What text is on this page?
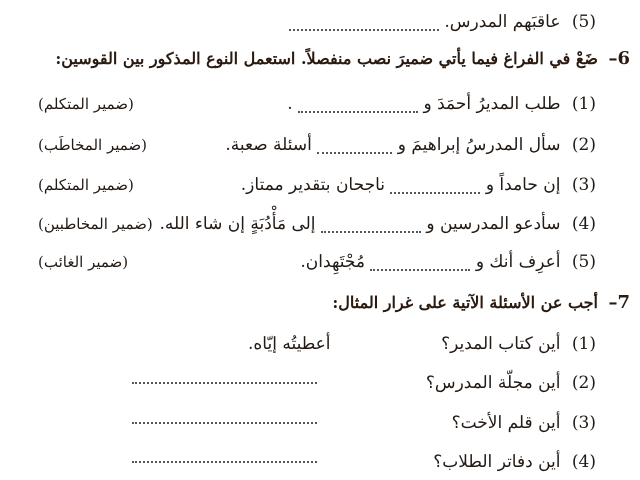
(5) عاقبَهم المدرس.
6–
ضَعْ في الفراغ فيما يأتي ضميرَ نصب منفصلاً. استعمل النوع المذكور بين القوسين:
(1) طلب المديرُ أحمَدَ و  .
(ضمير المتكلم)
(2) سأل المدرسُ إبراهيمَ و  أسئلة صعبة.
(ضمير المخاطَب)
(3) إن حامداً و  ناجحان بتقدير ممتاز.
(ضمير المتكلم)
(4) سأدعو المدرسين و  إلى مَأْدُبَةٍ إن شاء الله.
(ضمير المخاطبين)
(5) أعرِف أنك و  مُجْتَهِدان.
(ضمير الغائب)
7–
أجب عن الأسئلة الآتية على غرار المثال:
(1) أين كتاب المدير؟
أعطيتُه إيّاه.
(2) أين مجلّة المدرس؟
(3) أين قلم الأخت؟
(4) أين دفاتر الطلاب؟
